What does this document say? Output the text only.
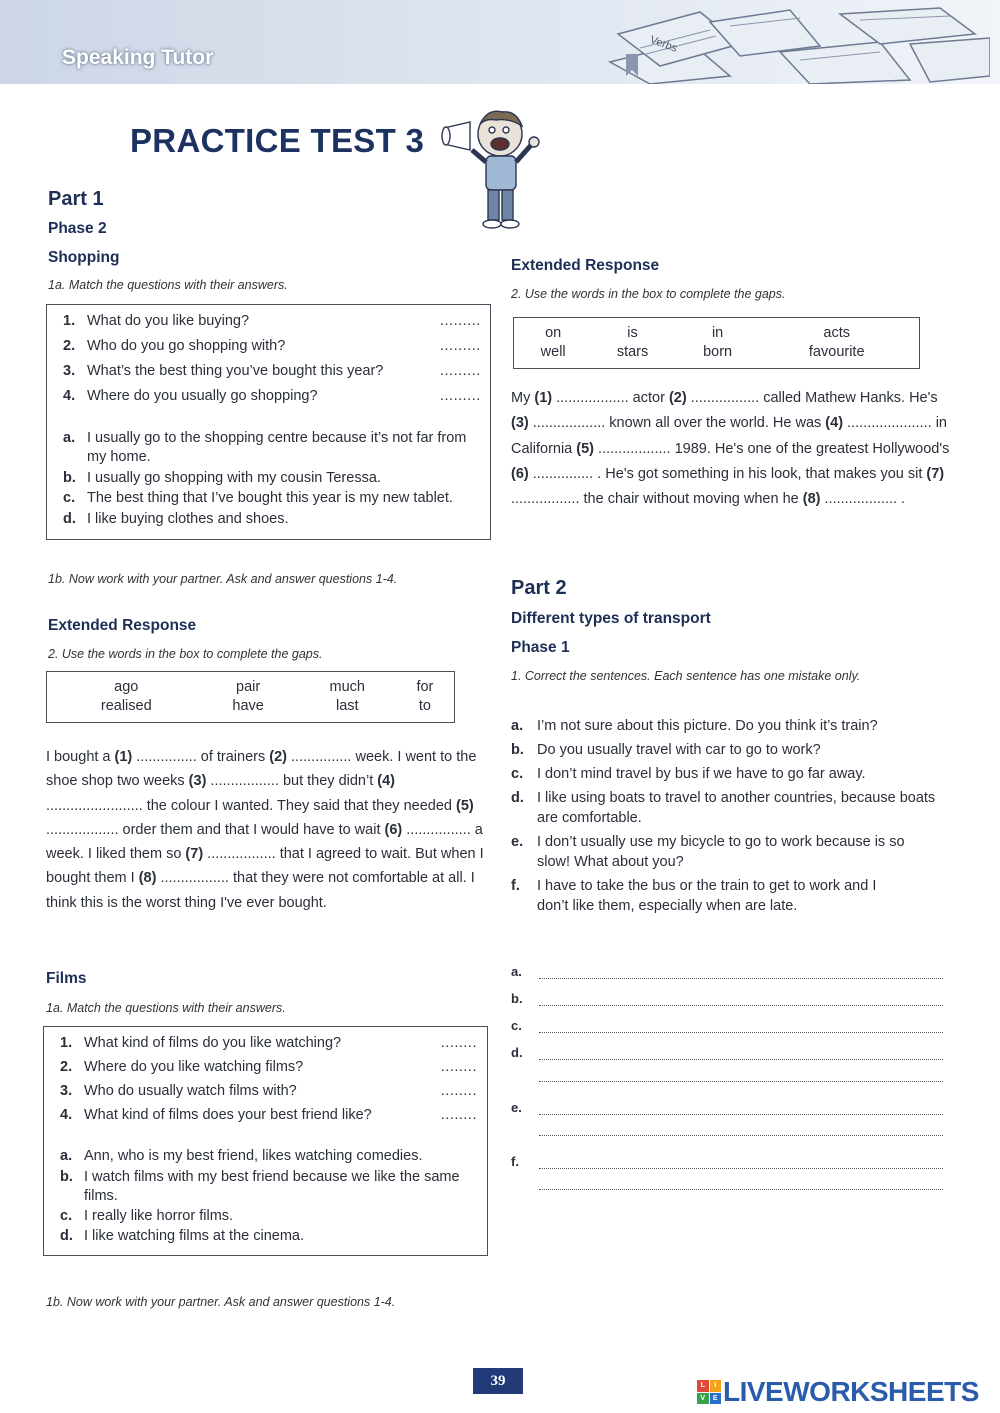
Speaking Tutor
Verbs
PRACTICE TEST 3
Part 1
Phase 2
Shopping
1a. Match the questions with their answers.
1. What do you like buying?	.........
2. Who do you go shopping with?	.........
3. What’s the best thing you’ve bought this year?	.........
4. Where do you usually go shopping?	.........
a. I usually go to the shopping centre because it’s not far from my home.
b. I usually go shopping with my cousin Teressa.
c. The best thing that I’ve bought this year is my new tablet.
d. I like buying clothes and shoes.
1b. Now work with your partner. Ask and answer questions 1-4.
Extended Response
2. Use the words in the box to complete the gaps.
ago	pair	much	for
realised	have	last	to
I bought a (1) ............... of trainers (2) ............... week. I went to the shoe shop two weeks (3) ................. but they didn’t (4) ........................ the colour I wanted. They said that they needed (5) .................. order them and that I would have to wait (6) ................ a week. I liked them so (7) ................. that I agreed to wait. But when I bought them I (8) ................. that they were not comfortable at all. I think this is the worst thing I've ever bought.
Films
1a. Match the questions with their answers.
1. What kind of films do you like watching?	........
2. Where do you like watching films?	........
3. Who do usually watch films with?	........
4. What kind of films does your best friend like?	........
a. Ann, who is my best friend, likes watching comedies.
b. I watch films with my best friend because we like the same films.
c. I really like horror films.
d. I like watching films at the cinema.
1b. Now work with your partner. Ask and answer questions 1-4.
Extended Response
2. Use the words in the box to complete the gaps.
on	is	in	acts
well	stars	born	favourite
My (1) .................. actor (2) ................. called Mathew Hanks. He's (3) .................. known all over the world. He was (4) ..................... in California (5) .................. 1989. He's one of the greatest Hollywood's (6) ............... . He's got something in his look, that makes you sit (7) ................. the chair without moving when he (8) .................. .
Part 2
Different types of transport
Phase 1
1. Correct the sentences. Each sentence has one mistake only.
a. I’m not sure about this picture. Do you think it’s train?
b. Do you usually travel with car to go to work?
c. I don’t mind travel by bus if we have to go far away.
d. I like using boats to travel to another countries, because boats are comfortable.
e. I don’t usually use my bicycle to go to work because is so slow! What about you?
f.	I have to take the bus or the train to get to work and I don’t like them, especially when are late.
a.
b.
c.
d.
e.
f.
39	L	I
V	E LIVEWORKSHEETS
